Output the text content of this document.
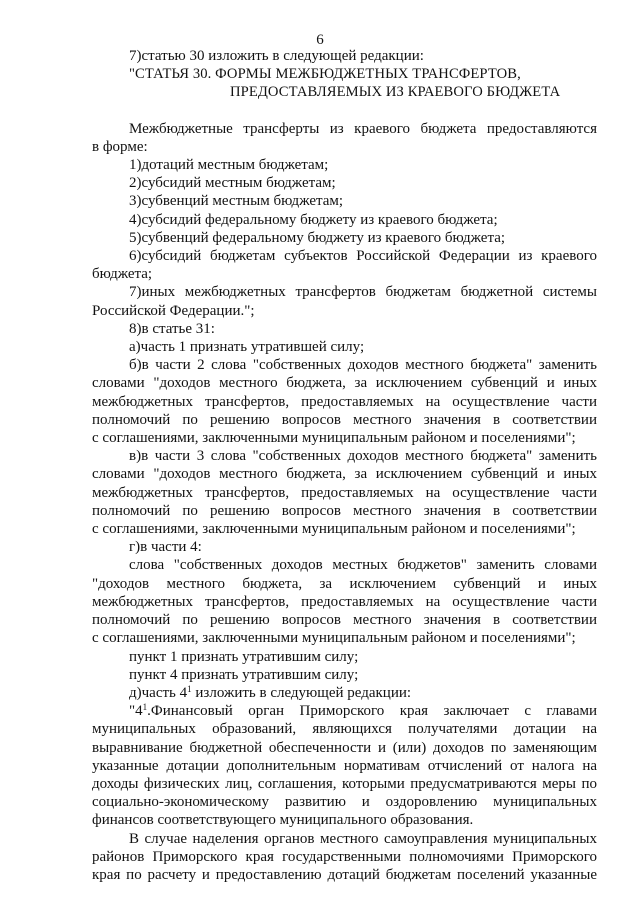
6

7)статью 30 изложить в следующей редакции:

"СТАТЬЯ 30. ФОРМЫ МЕЖБЮДЖЕТНЫХ ТРАНСФЕРТОВ,

ПРЕДОСТАВЛЯЕМЫХ ИЗ КРАЕВОГО БЮДЖЕТА

Межбюджетные трансферты из краевого бюджета предоставляются

в форме:

1)дотаций местным бюджетам;

2)субсидий местным бюджетам;

3)субвенций местным бюджетам;

4)субсидий федеральному бюджету из краевого бюджета;

5)субвенций федеральному бюджету из краевого бюджета;

6)субсидий бюджетам субъектов Российской Федерации из краевого

бюджета;

7)иных межбюджетных трансфертов бюджетам бюджетной системы

Российской Федерации.";

8)в статье 31:

а)часть 1 признать утратившей силу;

б)в части 2 слова "собственных доходов местного бюджета" заменить

словами "доходов местного бюджета, за исключением субвенций и иных

межбюджетных трансфертов, предоставляемых на осуществление части

полномочий по решению вопросов местного значения в соответствии

с соглашениями, заключенными муниципальным районом и поселениями";

в)в части 3 слова "собственных доходов местного бюджета" заменить

словами "доходов местного бюджета, за исключением субвенций и иных

межбюджетных трансфертов, предоставляемых на осуществление части

полномочий по решению вопросов местного значения в соответствии

с соглашениями, заключенными муниципальным районом и поселениями";

г)в части 4:

слова "собственных доходов местных бюджетов" заменить словами

"доходов местного бюджета, за исключением субвенций и иных

межбюджетных трансфертов, предоставляемых на осуществление части

полномочий по решению вопросов местного значения в соответствии

с соглашениями, заключенными муниципальным районом и поселениями";

пункт 1 признать утратившим силу;

пункт 4 признать утратившим силу;

д)часть $4^1$ изложить в следующей редакции:

"$4^1.Финансовый$ орган Приморского края заключает с главами

муниципальных образований, являющихся получателями дотации на

выравнивание бюджетной обеспеченности и (или) доходов по заменяющим

указанные дотации дополнительным нормативам отчислений от налога на

доходы физических лиц, соглашения, которыми предусматриваются меры по

социально-экономическому развитию и оздоровлению муниципальных

финансов соответствующего муниципального образования.

В случае наделения органов местного самоуправления муниципальных

районов Приморского края государственными полномочиями Приморского

края по расчету и предоставлению дотаций бюджетам поселений указанные
